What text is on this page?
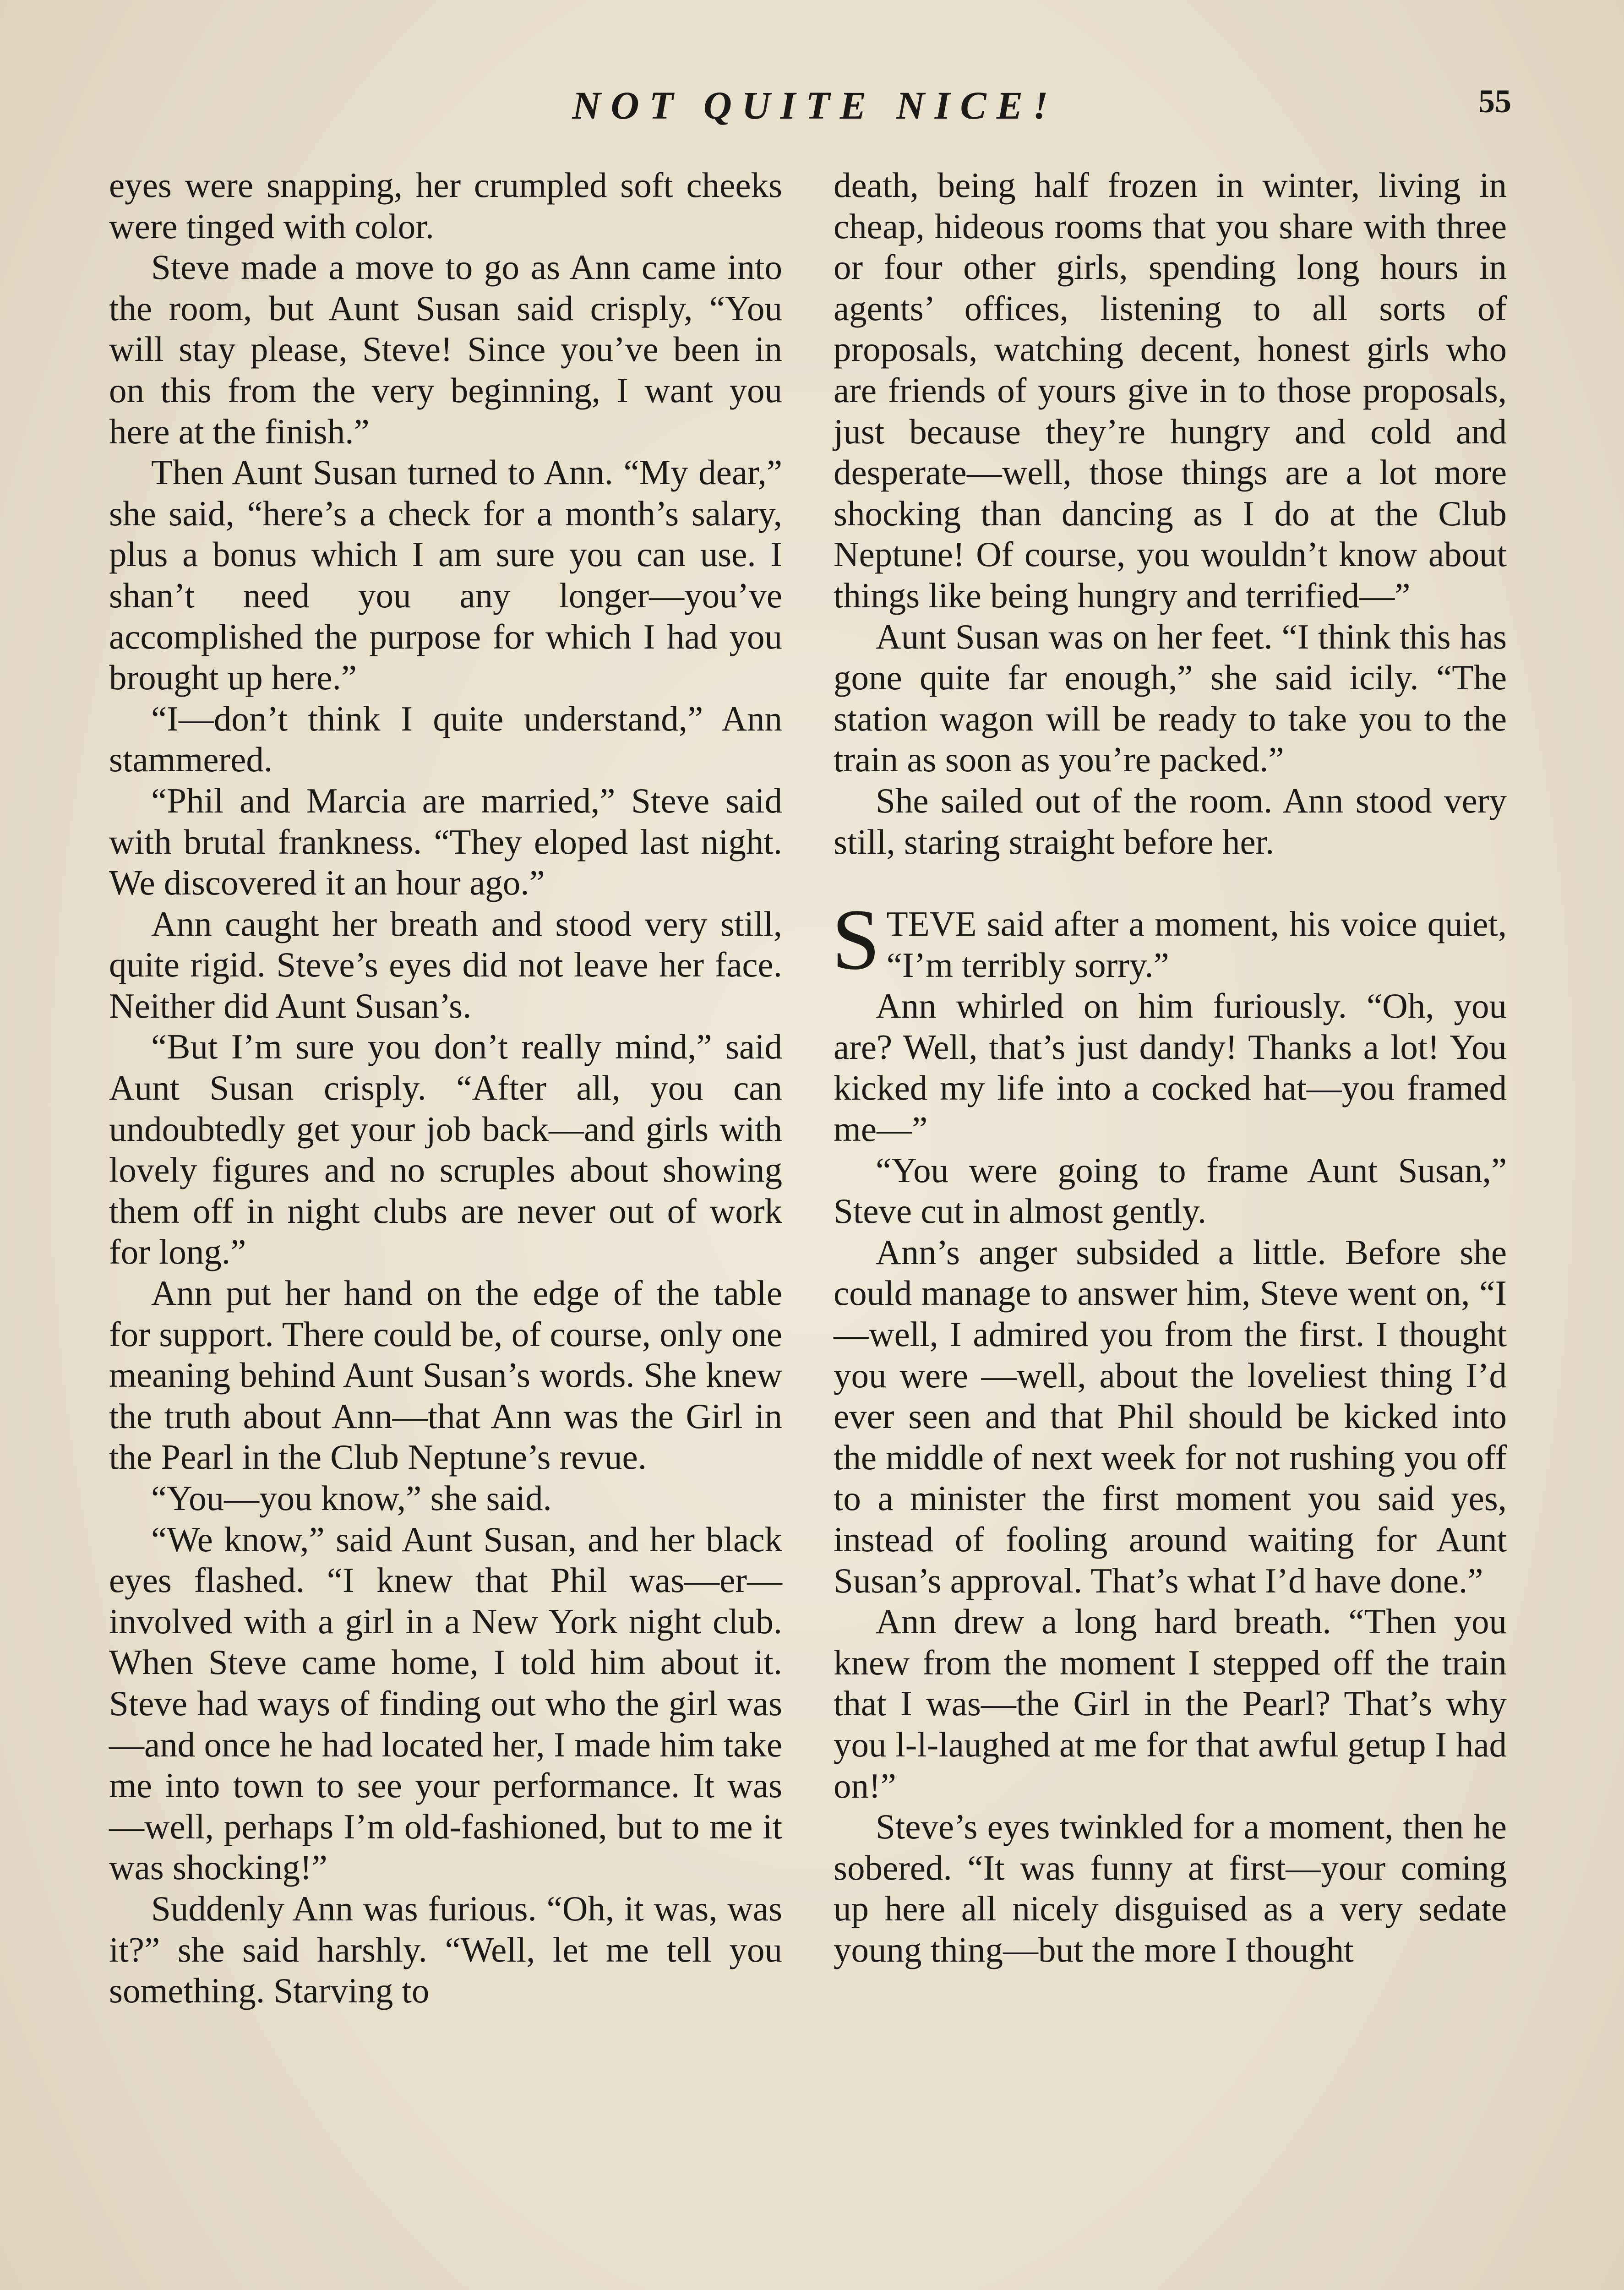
NOT QUITE NICE!	55

eyes were snapping, her crumpled soft cheeks were tinged with color.

Steve made a move to go as Ann came into the room, but Aunt Susan said crisply, “You will stay please, Steve! Since you’ve been in on this from the very beginning, I want you here at the finish.”

Then Aunt Susan turned to Ann. “My dear,” she said, “here’s a check for a month’s salary, plus a bonus which I am sure you can use. I shan’t need you any longer—you’ve accomplished the purpose for which I had you brought up here.”

“I—don’t think I quite understand,” Ann stammered.

“Phil and Marcia are married,” Steve said with brutal frankness. “They eloped last night. We discovered it an hour ago.”

Ann caught her breath and stood very still, quite rigid. Steve’s eyes did not leave her face. Neither did Aunt Susan’s.

“But I’m sure you don’t really mind,” said Aunt Susan crisply. “After all, you can undoubtedly get your job back—and girls with lovely figures and no scruples about showing them off in night clubs are never out of work for long.”

Ann put her hand on the edge of the table for support. There could be, of course, only one meaning behind Aunt Susan’s words. She knew the truth about Ann—that Ann was the Girl in the Pearl in the Club Neptune’s revue.

“You—you know,” she said.

“We know,” said Aunt Susan, and her black eyes flashed. “I knew that Phil was—er—involved with a girl in a New York night club. When Steve came home, I told him about it. Steve had ways of finding out who the girl was—and once he had located her, I made him take me into town to see your performance. It was—well, perhaps I’m old-fashioned, but to me it was shocking!”

Suddenly Ann was furious. “Oh, it was, was it?” she said harshly. “Well, let me tell you something. Starving to

death, being half frozen in winter, living in cheap, hideous rooms that you share with three or four other girls, spending long hours in agents’ offices, listening to all sorts of proposals, watching decent, honest girls who are friends of yours give in to those proposals, just because they’re hungry and cold and desperate—well, those things are a lot more shocking than dancing as I do at the Club Neptune! Of course, you wouldn’t know about things like being hungry and terrified—”

Aunt Susan was on her feet. “I think this has gone quite far enough,” she said icily. “The station wagon will be ready to take you to the train as soon as you’re packed.”

She sailed out of the room. Ann stood very still, staring straight before her.

STEVE said after a moment, his voice quiet, “I’m terribly sorry.”

Ann whirled on him furiously. “Oh, you are? Well, that’s just dandy! Thanks a lot! You kicked my life into a cocked hat—you framed me—”

“You were going to frame Aunt Susan,” Steve cut in almost gently.

Ann’s anger subsided a little. Before she could manage to answer him, Steve went on, “I—well, I admired you from the first. I thought you were —well, about the loveliest thing I’d ever seen and that Phil should be kicked into the middle of next week for not rushing you off to a minister the first moment you said yes, instead of fooling around waiting for Aunt Susan’s approval. That’s what I’d have done.”

Ann drew a long hard breath. “Then you knew from the moment I stepped off the train that I was—the Girl in the Pearl? That’s why you l-l-laughed at me for that awful getup I had on!”

Steve’s eyes twinkled for a moment, then he sobered. “It was funny at first—your coming up here all nicely disguised as a very sedate young thing—but the more I thought
